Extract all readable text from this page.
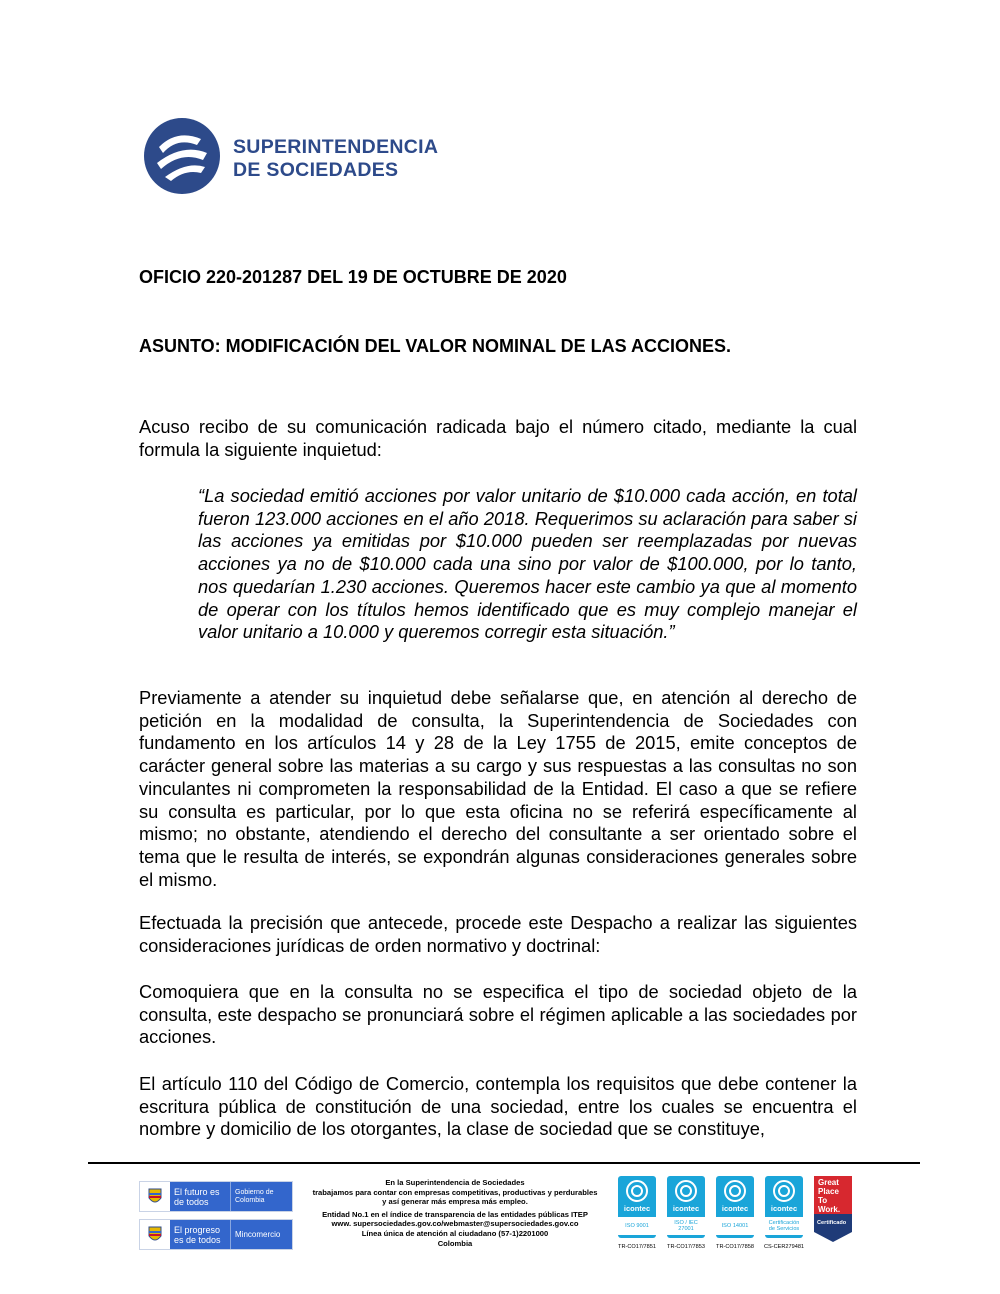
SUPERINTENDENCIA
DE SOCIEDADES
OFICIO 220-201287 DEL 19 DE OCTUBRE DE 2020
ASUNTO: MODIFICACIÓN DEL VALOR NOMINAL DE LAS ACCIONES.

Acuso recibo de su comunicación radicada bajo el número citado, mediante la cual formula la siguiente inquietud:

“La sociedad emitió acciones por valor unitario de $10.000 cada acción, en total fueron 123.000 acciones en el año 2018. Requerimos su aclaración para saber si las acciones ya emitidas por $10.000 pueden ser reemplazadas por nuevas acciones ya no de $10.000 cada una sino por valor de $100.000, por lo tanto, nos quedarían 1.230 acciones. Queremos hacer este cambio ya que al momento de operar con los títulos hemos identificado que es muy complejo manejar el valor unitario a 10.000 y queremos corregir esta situación.”

Previamente a atender su inquietud debe señalarse que, en atención al derecho de petición en la modalidad de consulta, la Superintendencia de Sociedades con fundamento en los artículos 14 y 28 de la Ley 1755 de 2015, emite conceptos de carácter general sobre las materias a su cargo y sus respuestas a las consultas no son vinculantes ni comprometen la responsabilidad de la Entidad. El caso a que se refiere su consulta es particular, por lo que esta oficina no se referirá específicamente al mismo; no obstante, atendiendo el derecho del consultante a ser orientado sobre el tema que le resulta de interés, se expondrán algunas consideraciones generales sobre el mismo.

Efectuada la precisión que antecede, procede este Despacho a realizar las siguientes consideraciones jurídicas de orden normativo y doctrinal:

Comoquiera que en la consulta no se especifica el tipo de sociedad objeto de la consulta, este despacho se pronunciará sobre el régimen aplicable a las sociedades por acciones.

El artículo 110 del Código de Comercio, contempla los requisitos que debe contener la escritura pública de constitución de una sociedad, entre los cuales se encuentra el nombre y domicilio de los otorgantes, la clase de sociedad que se constituye,

El futuro es de todos
Gobierno de Colombia
El progreso es de todos
Mincomercio
En la Superintendencia de Sociedades
trabajamos para contar con empresas competitivas, productivas y perdurables
y así generar más empresa más empleo.
Entidad No.1 en el índice de transparencia de las entidades públicas ITEP
www. supersociedades.gov.co/webmaster@supersociedades.gov.co
Línea única de atención al ciudadano (57-1)2201000
Colombia
icontec
ISO 9001
TR-CO17/7851
icontec
ISO / IEC 27001
TR-CO17/7853
icontec
ISO 14001
TR-CO17/7858
icontec
Certificación de Servicios
CS-CER279481
Great
Place
To
Work.
Certificado
